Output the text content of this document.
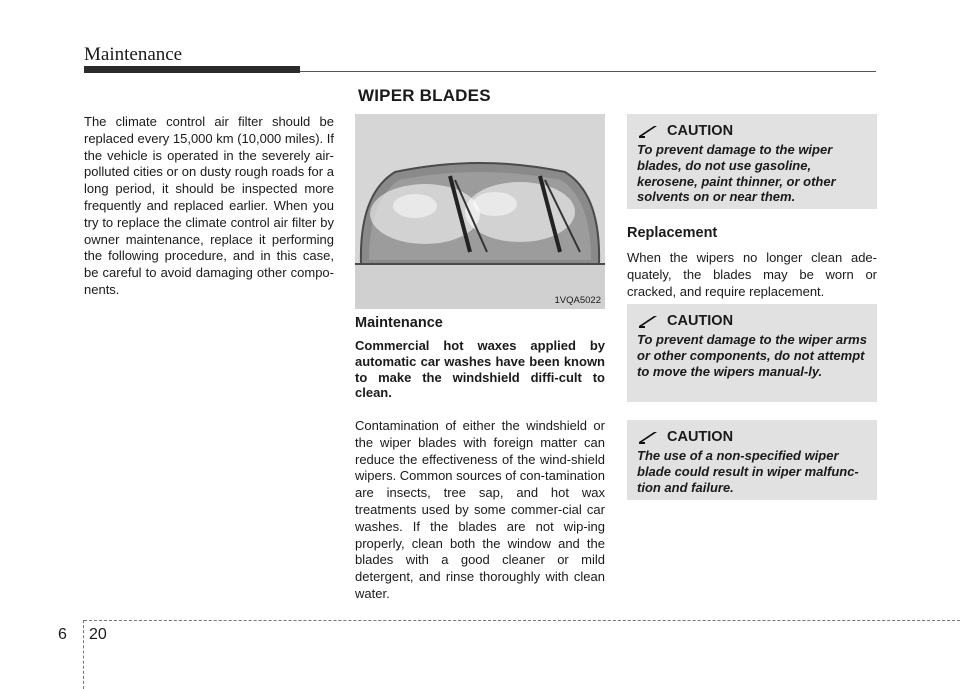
Maintenance
WIPER BLADES
The climate control air filter should be replaced every 15,000 km (10,000 miles). If the vehicle is operated in the severely air-polluted cities or on dusty rough roads for a long period, it should be inspected more frequently and replaced earlier. When you try to replace the climate control air filter by owner maintenance, replace it performing the following procedure, and in this case, be careful to avoid damaging other compo-nents.
1VQA5022
Maintenance
Commercial hot waxes applied by automatic car washes have been known to make the windshield diffi-cult to clean.
Contamination of either the windshield or the wiper blades with foreign matter can reduce the effectiveness of the wind-shield wipers. Common sources of con-tamination are insects, tree sap, and hot wax treatments used by some commer-cial car washes. If the blades are not wip-ing properly, clean both the window and the blades with a good cleaner or mild detergent, and rinse thoroughly with clean water.
CAUTION
To prevent damage to the wiper blades, do not use gasoline, kerosene, paint thinner, or other solvents on or near them.
Replacement
When the wipers no longer clean ade-quately, the blades may be worn or cracked, and require replacement.
CAUTION
To prevent damage to the wiper arms or other components, do not attempt to move the wipers manual-ly.
CAUTION
The use of a non-specified wiper blade could result in wiper malfunc-tion and failure.
6 20
